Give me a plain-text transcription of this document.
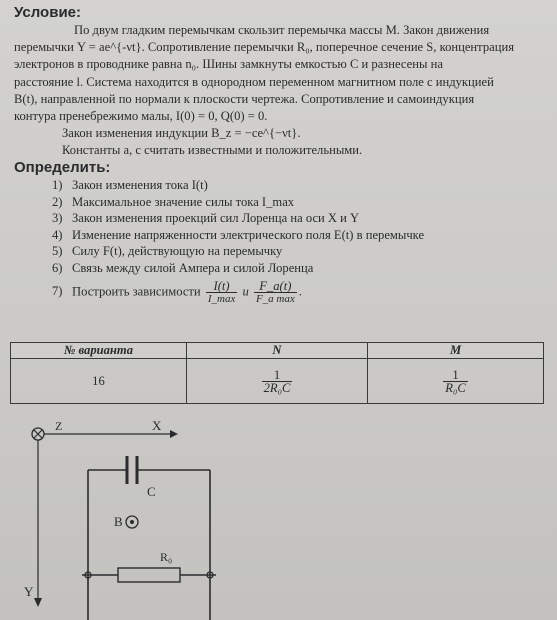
Условие:
По двум гладким перемычкам скользит перемычка массы M. Закон движения
перемычки Y = ae^{-νt}. Сопротивление перемычки R₀, поперечное сечение S, концентрация
электронов в проводнике равна n₀. Шины замкнуты емкостью C и разнесены на
расстояние l. Система находится в однородном переменном магнитном поле с индукцией
B(t), направленной по нормали к плоскости чертежа. Сопротивление и самоиндукция
контура пренебрежимо малы, I(0) = 0, Q(0) = 0.
Закон изменения индукции B_z = −ce^{−νt}.
Константы a, c считать известными и положительными.
Определить:
1) Закон изменения тока I(t)
2) Максимальное значение силы тока I_max
3) Закон изменения проекций сил Лоренца на оси X и Y
4) Изменение напряженности электрического поля E(t) в перемычке
5) Силу F(t), действующую на перемычку
6) Связь между силой Ампера и силой Лоренца
7) Построить зависимости $\frac{I(t)}{I\_\max}$ и $\frac{F\_a(t)}{\text{F\_a max}}$ .
№ варианта	N	M
16	$\frac{1}{\text{2R₀C}}$	$\frac{1}{\text{R₀C}}$
Z	X
Y
C
B
R₀
